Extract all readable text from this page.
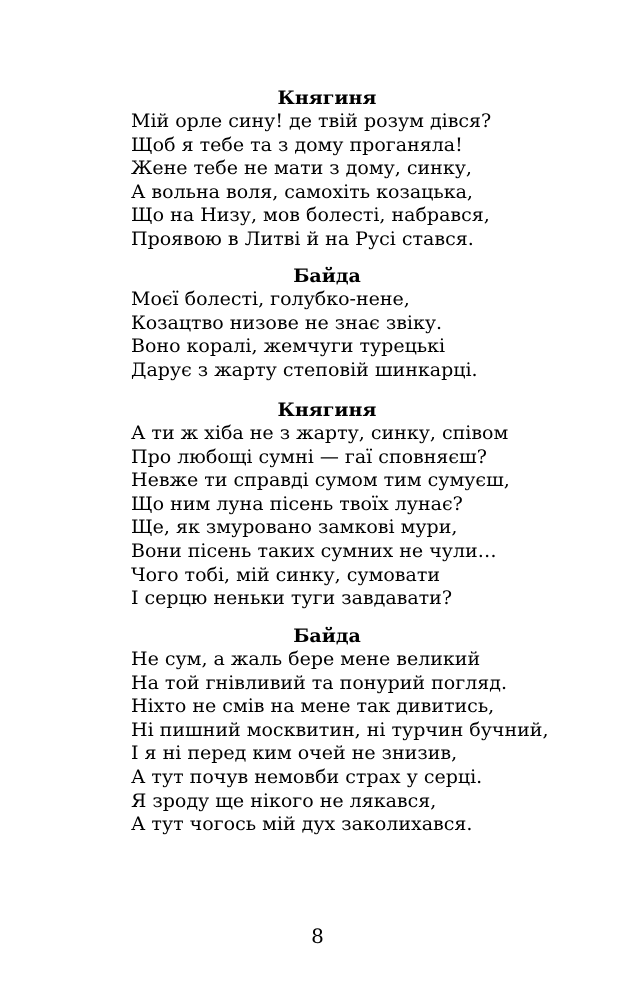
Княгиня
Мій орле сину! де твій розум дівся?
Щоб я тебе та з дому проганяла!
Жене тебе не мати з дому, синку,
А вольна воля, самохіть козацька,
Що на Низу, мов болесті, набрався,
Проявою в Литві й на Русі стався.
Байда
Моєї болесті, голубко-нене,
Козацтво низове не знає звіку.
Воно коралі, жемчуги турецькі
Дарує з жарту степовій шинкарці.
Княгиня
А ти ж хіба не з жарту, синку, співом
Про любощі сумні — гаї сповняєш?
Невже ти справді сумом тим сумуєш,
Що ним луна пісень твоїх лунає?
Ще, як змуровано замкові мури,
Вони пісень таких сумних не чули…
Чого тобі, мій синку, сумовати
І серцю неньки туги завдавати?
Байда
Не сум, а жаль бере мене великий
На той гнівливий та понурий погляд.
Ніхто не смів на мене так дивитись,
Ні пишний москвитин, ні турчин бучний,
І я ні перед ким очей не знизив,
А тут почув немовби страх у серці.
Я зроду ще нікого не лякався,
А тут чогось мій дух заколихався.
8
